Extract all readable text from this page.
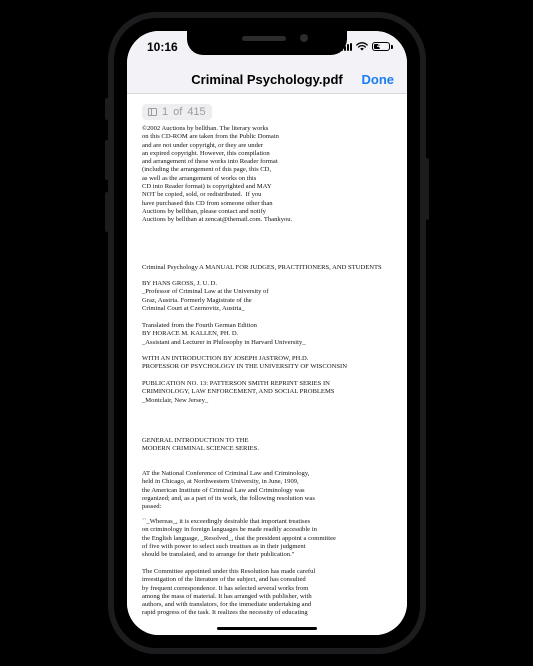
10:16	45
Criminal Psychology.pdf	Done
1 of 415
©2002 Auctions by bellthan. The literary works
on this CD-ROM are taken from the Public Domain
and are not under copyright, or they are under
an expired copyright. However, this compilation
and arrangement of these works into Reader format
(including the arrangement of this page, this CD,
as well as the arrangement of works on this
CD into Reader format) is copyrighted and MAY
NOT be copied, sold, or redistributed.  If you
have purchased this CD from someone other than
Auctions by bellthan, please contact and notify
Auctions by bellthan at zencat@themail.com. Thankyou.
Criminal Psychology A MANUAL FOR JUDGES, PRACTITIONERS, AND STUDENTS
BY HANS GROSS, J. U. D.
_Professor of Criminal Law at the University of
Graz, Austria. Formerly Magistrate of the
Criminal Court at Czernovitz, Austria_
Translated from the Fourth German Edition
BY HORACE M. KALLEN, PH. D.
_Assistant and Lecturer in Philosophy in Harvard University_
WITH AN INTRODUCTION BY JOSEPH JASTROW, PH.D.
PROFESSOR OF PSYCHOLOGY IN THE UNIVERSITY OF WISCONSIN
PUBLICATION NO. 13: PATTERSON SMITH REPRINT SERIES IN
CRIMINOLOGY, LAW ENFORCEMENT, AND SOCIAL PROBLEMS
_Montclair, New Jersey_
GENERAL INTRODUCTION TO THE
MODERN CRIMINAL SCIENCE SERIES.
AT the National Conference of Criminal Law and Criminology,
held in Chicago, at Northwestern University, in June, 1909,
the American Institute of Criminal Law and Criminology was
organized; and, as a part of its work, the following resolution was
passed:
``_Whereas_, it is exceedingly desirable that important treatises
on criminology in foreign languages be made readily accessible in
the English language, _Resolved_, that the president appoint a committee
of five with power to select such treatises as in their judgment
should be translated, and to arrange for their publication."
The Committee appointed under this Resolution has made careful
investigation of the literature of the subject, and has consulted
by frequent correspondence. It has selected several works from
among the mass of material. It has arranged with publisher, with
authors, and with translators, for the immediate undertaking and
rapid progress of the task. It realizes the necessity of educating
